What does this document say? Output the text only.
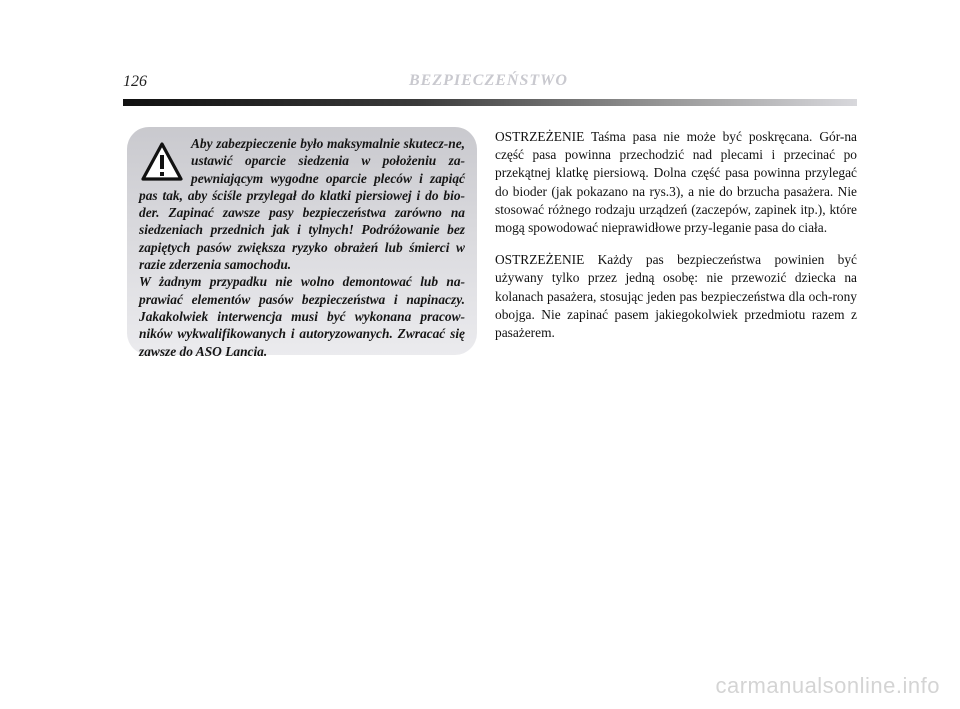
126	BEZPIECZEŃSTWO

Aby zabezpieczenie było maksymalnie skutecz-ne, ustawić oparcie siedzenia w położeniu za-pewniającym wygodne oparcie pleców i zapiąć pas tak, aby ściśle przylegał do klatki piersiowej i do bio-der. Zapinać zawsze pasy bezpieczeństwa zarówno na siedzeniach przednich jak i tylnych! Podróżowanie bez zapiętych pasów zwiększa ryzyko obrażeń lub śmierci w razie zderzenia samochodu.
W żadnym przypadku nie wolno demontować lub na-prawiać elementów pasów bezpieczeństwa i napinaczy. Jakakolwiek interwencja musi być wykonana pracow-ników wykwalifikowanych i autoryzowanych. Zwracać się zawsze do ASO Lancia.

OSTRZEŻENIE Taśma pasa nie może być poskręcana. Gór-na część pasa powinna przechodzić nad plecami i przecinać po przekątnej klatkę piersiową. Dolna część pasa powinna przylegać do bioder (jak pokazano na rys.3), a nie do brzucha pasażera. Nie stosować różnego rodzaju urządzeń (zaczepów, zapinek itp.), które mogą spowodować nieprawidłowe przy-leganie pasa do ciała.

OSTRZEŻENIE Każdy pas bezpieczeństwa powinien być używany tylko przez jedną osobę: nie przewozić dziecka na kolanach pasażera, stosując jeden pas bezpieczeństwa dla och-rony obojga. Nie zapinać pasem jakiegokolwiek przedmiotu razem z pasażerem.

carmanualsonline.info
